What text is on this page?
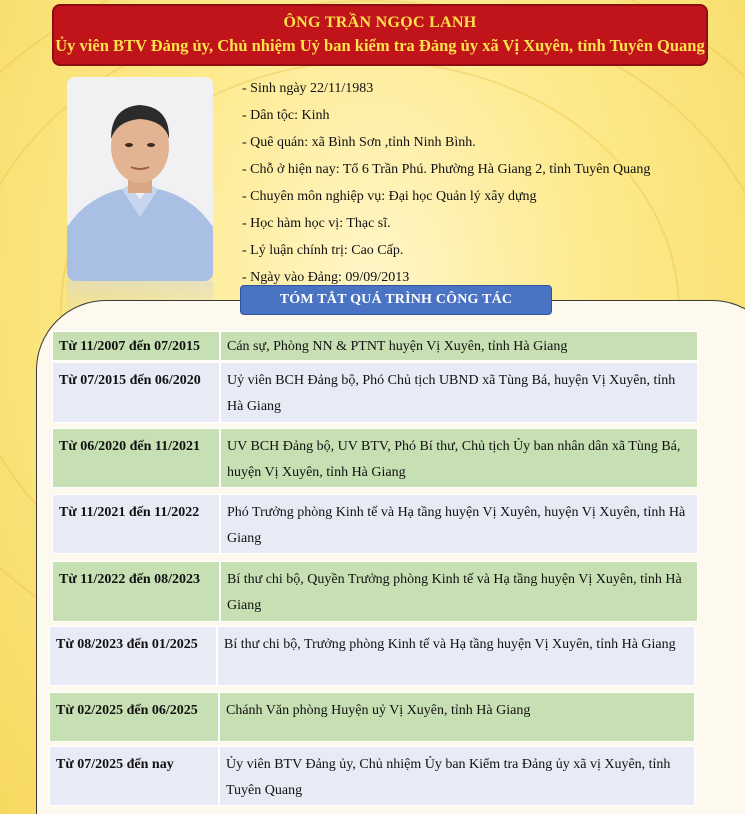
ÔNG TRẦN NGỌC LANH
Ủy viên BTV Đảng ủy, Chủ nhiệm Uỷ ban kiểm tra Đảng ủy xã Vị Xuyên, tỉnh Tuyên Quang
- Sinh ngày 22/11/1983
- Dân tộc: Kinh
- Quê quán: xã Bình Sơn ,tỉnh Ninh Bình.
- Chỗ ở hiện nay: Tổ 6 Trần Phú. Phường Hà Giang 2, tỉnh Tuyên Quang
- Chuyên môn nghiệp vụ: Đại học Quản lý xây dựng
- Học hàm học vị: Thạc sĩ.
- Lý luận chính trị: Cao Cấp.
- Ngày vào Đảng: 09/09/2013
TÓM TẮT QUÁ TRÌNH CÔNG TÁC
Từ 11/2007 đến 07/2015	Cán sự, Phòng NN & PTNT huyện Vị Xuyên, tỉnh Hà Giang
Từ 07/2015 đến 06/2020	Uỷ viên BCH Đảng bộ, Phó Chủ tịch UBND xã Tùng Bá, huyện Vị Xuyên, tỉnh Hà Giang
Từ 06/2020 đến 11/2021	UV BCH Đảng bộ, UV BTV, Phó Bí thư, Chủ tịch Ủy ban nhân dân xã Tùng Bá, huyện Vị Xuyên, tỉnh Hà Giang
Từ 11/2021 đến 11/2022	Phó Trưởng phòng Kinh tế và Hạ tầng huyện Vị Xuyên, huyện Vị Xuyên, tỉnh Hà Giang
Từ 11/2022 đến 08/2023	Bí thư chi bộ, Quyền Trưởng phòng Kinh tế và Hạ tầng huyện Vị Xuyên, tỉnh Hà Giang
Từ 08/2023 đến 01/2025	Bí thư chi bộ, Trưởng phòng Kinh tế và Hạ tầng huyện Vị Xuyên, tỉnh Hà Giang
Từ 02/2025 đến 06/2025	Chánh Văn phòng Huyện uỷ Vị Xuyên, tỉnh Hà Giang
Từ 07/2025 đến nay	Ủy viên BTV Đảng ủy, Chủ nhiệm Ủy ban Kiểm tra Đảng ủy xã vị Xuyên, tỉnh Tuyên Quang
